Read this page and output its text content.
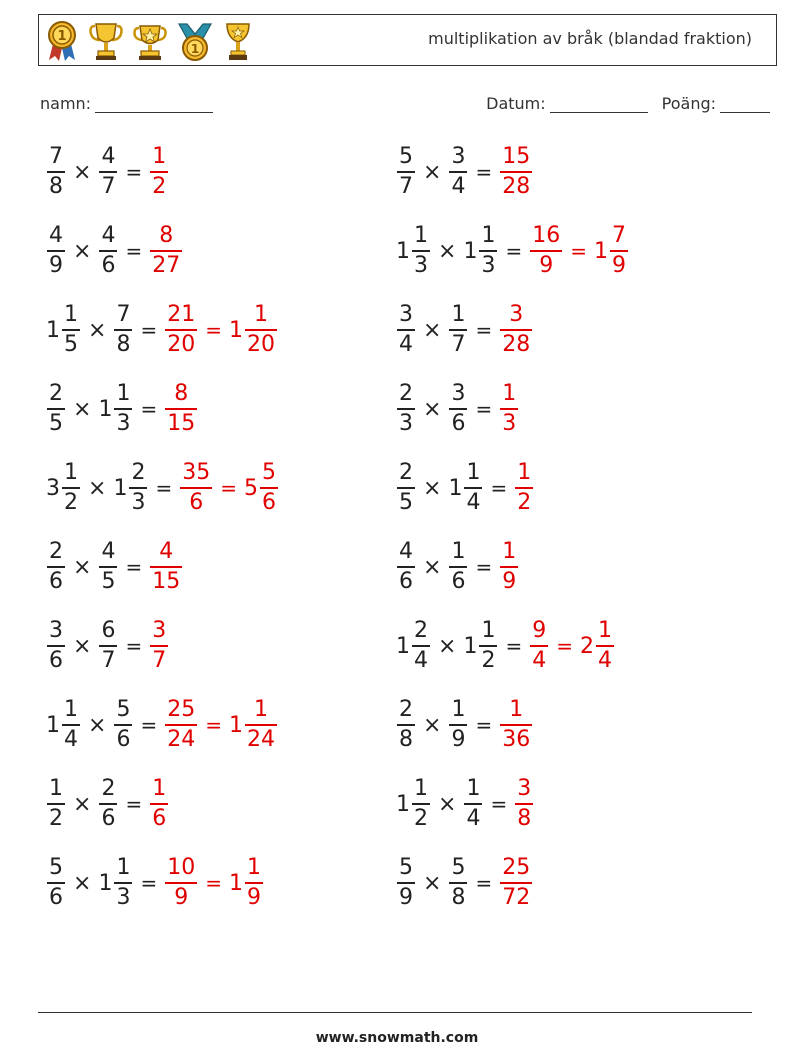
1
1
multiplikation av bråk (blandad fraktion)
namn:	Datum:	Poäng:
$\frac{7}{8} \times \frac{4}{7} = \frac{1}{2}$	$\frac{5}{7} \times \frac{3}{4} = \frac{15}{28}$
$\frac{4}{9} \times \frac{4}{6} = \frac{8}{27}$	$1 \frac{1}{3} \times 1 \frac{1}{3} = \frac{16}{9} = 1 \frac{7}{9}$
$1 \frac{1}{5} \times \frac{7}{8} = \frac{21}{20} = 1 \frac{1}{20}$	$\frac{3}{4} \times \frac{1}{7} = \frac{3}{28}$
$\frac{2}{5} \times 1 \frac{1}{3} = \frac{8}{15}$	$\frac{2}{3} \times \frac{3}{6} = \frac{1}{3}$
$3 \frac{1}{2} \times 1 \frac{2}{3} = \frac{35}{6} = 5 \frac{5}{6}$	$\frac{2}{5} \times 1 \frac{1}{4} = \frac{1}{2}$
$\frac{2}{6} \times \frac{4}{5} = \frac{4}{15}$	$\frac{4}{6} \times \frac{1}{6} = \frac{1}{9}$
$\frac{3}{6} \times \frac{6}{7} = \frac{3}{7}$	$1 \frac{2}{4} \times 1 \frac{1}{2} = \frac{9}{4} = 2 \frac{1}{4}$
$1 \frac{1}{4} \times \frac{5}{6} = \frac{25}{24} = 1 \frac{1}{24}$	$\frac{2}{8} \times \frac{1}{9} = \frac{1}{36}$
$\frac{1}{2} \times \frac{2}{6} = \frac{1}{6}$	$1 \frac{1}{2} \times \frac{1}{4} = \frac{3}{8}$
$\frac{5}{6} \times 1 \frac{1}{3} = \frac{10}{9} = 1 \frac{1}{9}$	$\frac{5}{9} \times \frac{5}{8} = \frac{25}{72}$
www.snowmath.com
